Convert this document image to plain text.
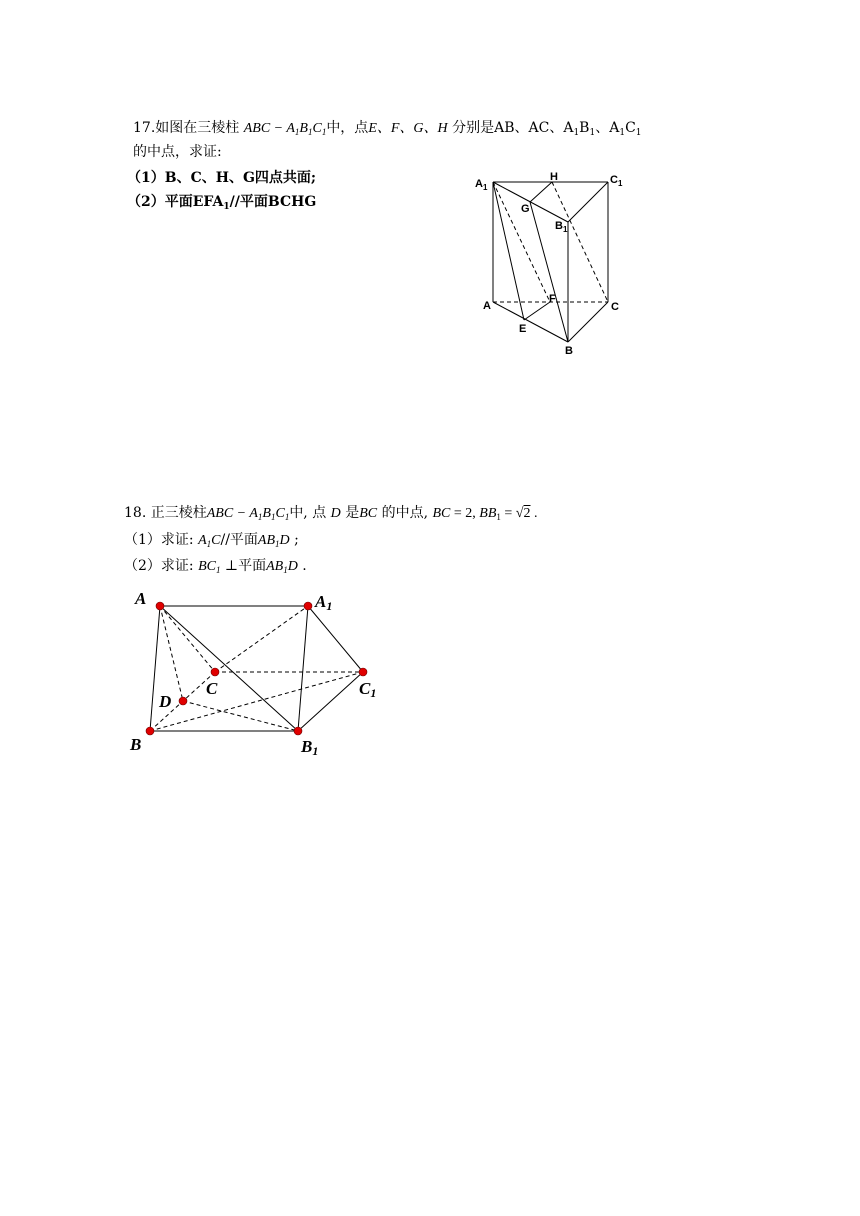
17.如图在三棱柱 ABC − $A_1B_1C_1$中，点E、F、G、H 分别是AB、AC、$A_1B_1$、$A_1C_1$
的中点，求证:
（1）B、C、H、G四点共面;
（2）平面$EFA_1//$平面BCHG
$A_1$
H	$C_1$
G
$B_1$
A
F
C
E
B
18. 正三棱柱ABC − $A_1B_1C_1$中, 点 D 是BC 的中点, BC = 2, $BB_1 = √2$ .
（1）求证: $A_1C//$平面$AB_1D$ ;
（2）求证: $BC_1$ ⊥平面$AB_1D$ .
A	A1
C	C1
D
B	B1
